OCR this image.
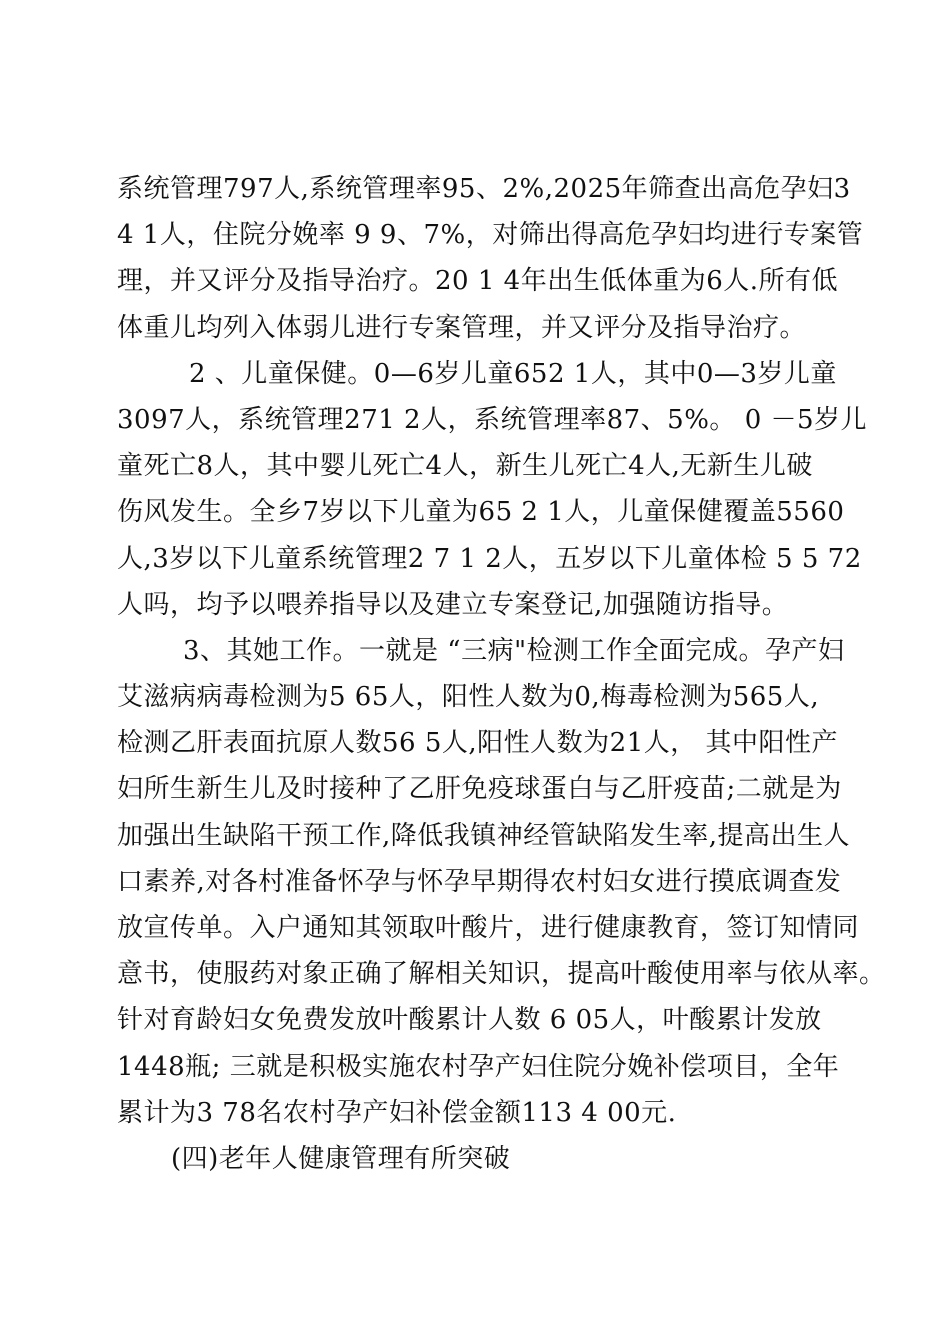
系统管理797人,系统管理率95、2%,2025年筛查出高危孕妇3
4 1人，住院分娩率 9 9、7%，对筛出得高危孕妇均进行专案管
理，并又评分及指导治疗。20 1 4年出生低体重为6人.所有低
体重儿均列入体弱儿进行专案管理，并又评分及指导治疗。
2 、儿童保健。0—6岁儿童652 1人，其中0—3岁儿童
3097人，系统管理271 2人，系统管理率87、5%。 0 －5岁儿
童死亡8人，其中婴儿死亡4人，新生儿死亡4人,无新生儿破
伤风发生。全乡7岁以下儿童为65 2 1人，儿童保健覆盖5560
人,3岁以下儿童系统管理2 7 1 2人，五岁以下儿童体检 5 5 72
人吗，均予以喂养指导以及建立专案登记,加强随访指导。
3、其她工作。一就是 “三病"检测工作全面完成。孕产妇
艾滋病病毒检测为5 65人，阳性人数为0,梅毒检测为565人,
检测乙肝表面抗原人数56 5人,阳性人数为21人， 其中阳性产
妇所生新生儿及时接种了乙肝免疫球蛋白与乙肝疫苗;二就是为
加强出生缺陷干预工作,降低我镇神经管缺陷发生率,提高出生人
口素养,对各村准备怀孕与怀孕早期得农村妇女进行摸底调查发
放宣传单。入户通知其领取叶酸片，进行健康教育，签订知情同
意书，使服药对象正确了解相关知识，提高叶酸使用率与依从率。
针对育龄妇女免费发放叶酸累计人数 6 05人，叶酸累计发放
1448瓶; 三就是积极实施农村孕产妇住院分娩补偿项目，全年
累计为3 78名农村孕产妇补偿金额113 4 00元.
(四)老年人健康管理有所突破
